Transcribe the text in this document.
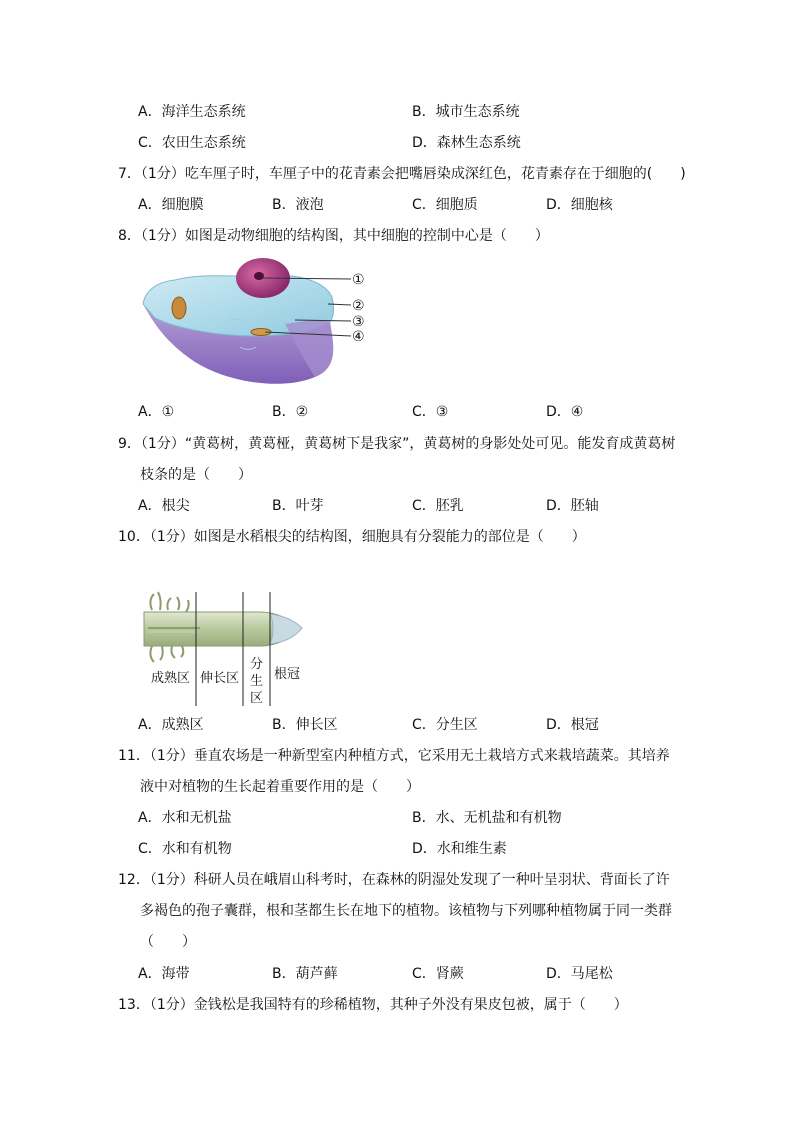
A．海洋生态系统	B．城市生态系统
C．农田生态系统	D．森林生态系统
7．（1分）吃车厘子时，车厘子中的花青素会把嘴唇染成深红色，花青素存在于细胞的(　　)
A．细胞膜	B．液泡	C．细胞质	D．细胞核
8．（1分）如图是动物细胞的结构图，其中细胞的控制中心是（　　）
①
②
③
④
A．①	B．②	C．③	D．④
9．（1分）“黄葛树，黄葛桠，黄葛树下是我家”，黄葛树的身影处处可见。能发育成黄葛树
枝条的是（　　）
A．根尖	B．叶芽	C．胚乳	D．胚轴
10．（1分）如图是水稻根尖的结构图，细胞具有分裂能力的部位是（　　）
成熟区 伸长区
分
生
区
根冠
A．成熟区	B．伸长区	C．分生区	D．根冠
11．（1分）垂直农场是一种新型室内种植方式，它采用无土栽培方式来栽培蔬菜。其培养
液中对植物的生长起着重要作用的是（　　）
A．水和无机盐	B．水、无机盐和有机物
C．水和有机物	D．水和维生素
12．（1分）科研人员在峨眉山科考时，在森林的阴湿处发现了一种叶呈羽状、背面长了许
多褐色的孢子囊群，根和茎都生长在地下的植物。该植物与下列哪种植物属于同一类群
（　　）
A．海带	B．葫芦藓	C．肾蕨	D．马尾松
13．（1分）金钱松是我国特有的珍稀植物，其种子外没有果皮包被，属于（　　）
